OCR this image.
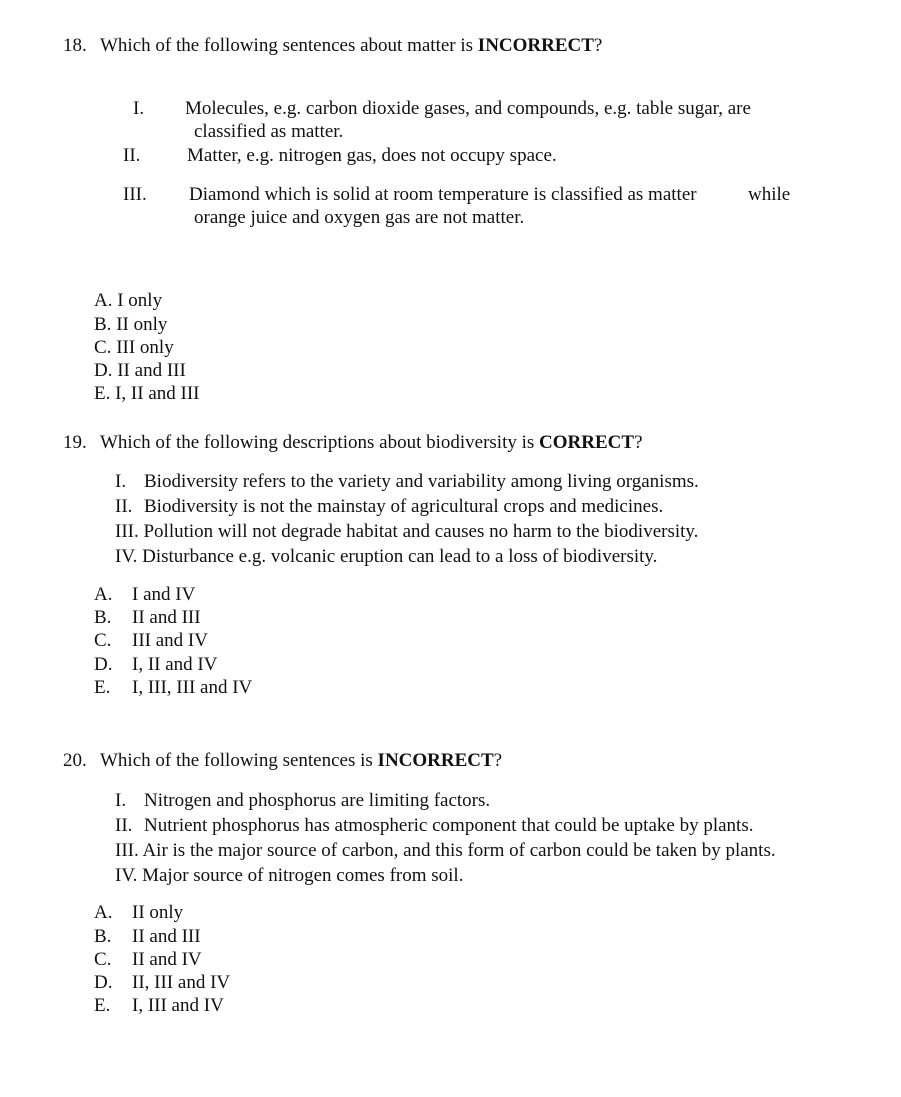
18. Which of the following sentences about matter is INCORRECT?
I. Molecules, e.g. carbon dioxide gases, and compounds, e.g. table sugar, are
classified as matter.
II. Matter, e.g. nitrogen gas, does not occupy space.
III. Diamond which is solid at room temperature is classified as matter	while
orange juice and oxygen gas are not matter.
A. I only
B. II only
C. III only
D. II and III
E. I, II and III
19. Which of the following descriptions about biodiversity is CORRECT?
I. Biodiversity refers to the variety and variability among living organisms.
II. Biodiversity is not the mainstay of agricultural crops and medicines.
III. Pollution will not degrade habitat and causes no harm to the biodiversity.
IV. Disturbance e.g. volcanic eruption can lead to a loss of biodiversity.
A. I and IV
B. II and III
C. III and IV
D. I, II and IV
E. I, III, III and IV
20. Which of the following sentences is INCORRECT?
I. Nitrogen and phosphorus are limiting factors.
II. Nutrient phosphorus has atmospheric component that could be uptake by plants.
III. Air is the major source of carbon, and this form of carbon could be taken by plants.
IV. Major source of nitrogen comes from soil.
A. II only
B. II and III
C. II and IV
D. II, III and IV
E. I, III and IV
